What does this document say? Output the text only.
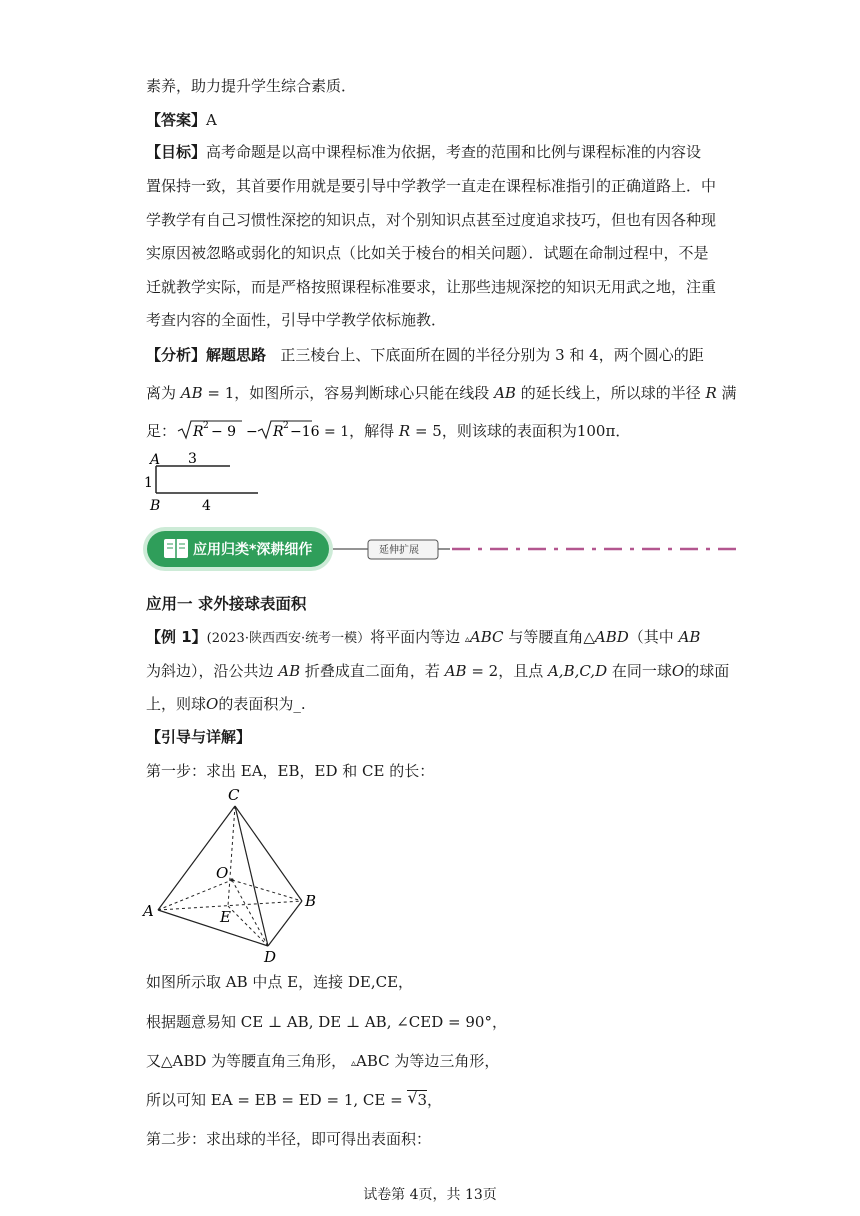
素养，助力提升学生综合素质．
【答案】A
【目标】高考命题是以高中课程标准为依据，考查的范围和比例与课程标准的内容设
置保持一致，其首要作用就是要引导中学教学一直走在课程标准指引的正确道路上．中
学教学有自己习惯性深挖的知识点，对个别知识点甚至过度追求技巧，但也有因各种现
实原因被忽略或弱化的知识点（比如关于棱台的相关问题）．试题在命制过程中，不是
迁就教学实际，而是严格按照课程标准要求，让那些违规深挖的知识无用武之地，注重
考查内容的全面性，引导中学教学依标施教．
【分析】解题思路 正三棱台上、下底面所在圆的半径分别为 3 和 4，两个圆心的距
离为 AB = 1，如图所示，容易判断球心只能在线段 AB 的延长线上，所以球的半径 R 满
足： R 2 − 9 − R 2 −16 = 1，解得 R = 5，则该球的表面积为100π．
A 3
1
B	4
应用归类*深耕细作	延伸扩展
应用一 求外接球表面积
【例 1】(2023·陕西西安·统考一模）将平面内等边 ▵ABC 与等腰直角△ABD（其中 AB
为斜边），沿公共边 AB 折叠成直二面角，若 AB = 2，且点 A,B,C,D 在同一球O的球面
上，则球O的表面积为_.
【引导与详解】
第一步：求出 EA，EB，ED 和 CE 的长：
C
O
A	E
B
D
如图所示取 AB 中点 E，连接 DE,CE，
根据题意易知 CE ⊥ AB, DE ⊥ AB, ∠CED = 90°，
又△ABD 为等腰直角三角形， ▵ABC 为等边三角形，
所以可知 EA = EB = ED = 1, CE = √ 3，
第二步：求出球的半径，即可得出表面积：
试卷第 4页，共 13页
